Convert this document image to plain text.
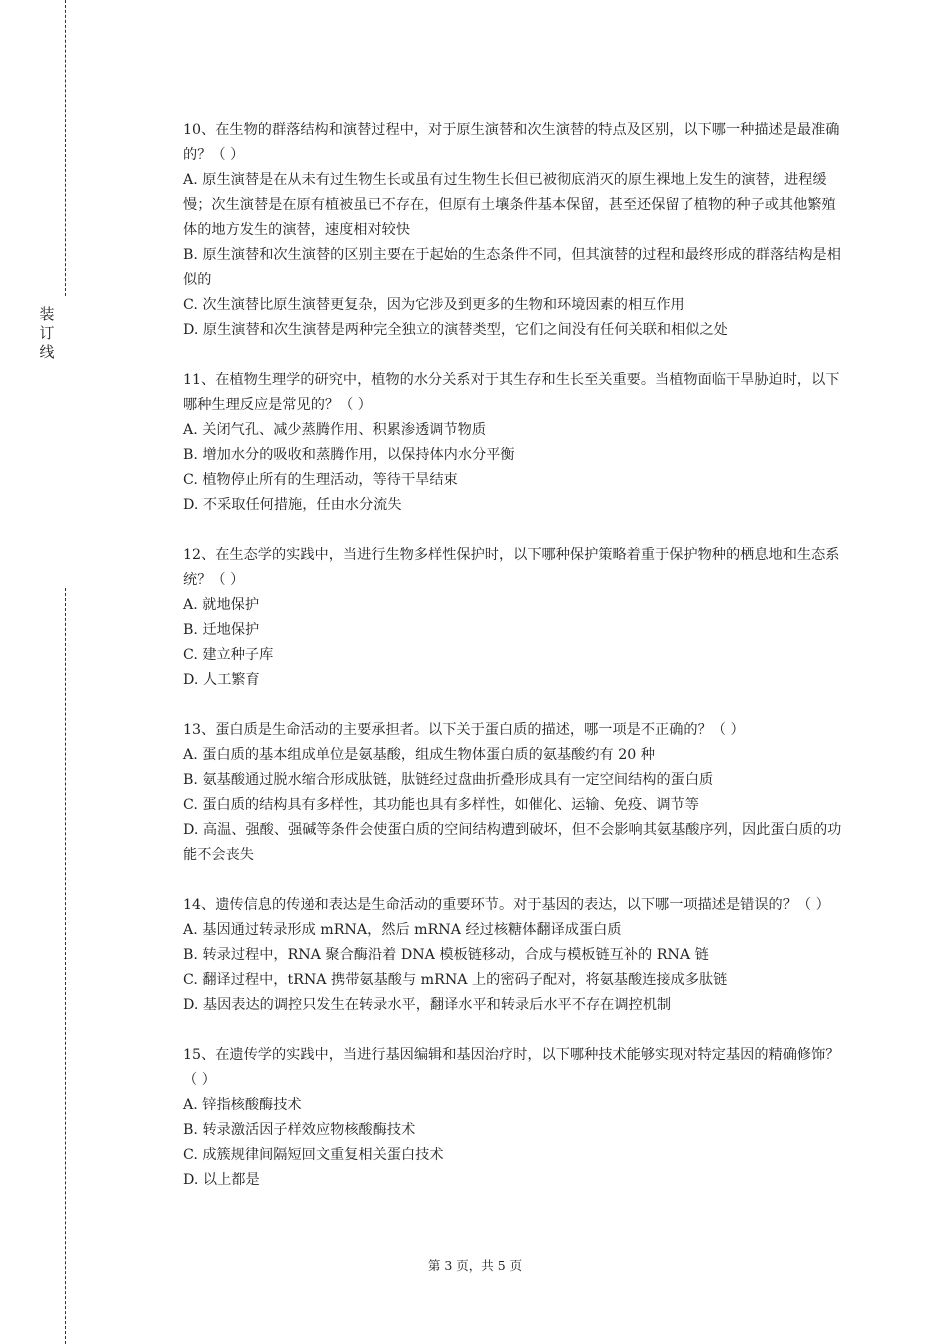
装
订
线

10、在生物的群落结构和演替过程中，对于原生演替和次生演替的特点及区别，以下哪一种描述是最准确的？（ ）

A. 原生演替是在从未有过生物生长或虽有过生物生长但已被彻底消灭的原生裸地上发生的演替，进程缓慢；次生演替是在原有植被虽已不存在，但原有土壤条件基本保留，甚至还保留了植物的种子或其他繁殖体的地方发生的演替，速度相对较快

B. 原生演替和次生演替的区别主要在于起始的生态条件不同，但其演替的过程和最终形成的群落结构是相似的

C. 次生演替比原生演替更复杂，因为它涉及到更多的生物和环境因素的相互作用

D. 原生演替和次生演替是两种完全独立的演替类型，它们之间没有任何关联和相似之处

11、在植物生理学的研究中，植物的水分关系对于其生存和生长至关重要。当植物面临干旱胁迫时，以下哪种生理反应是常见的？（ ）

A. 关闭气孔、减少蒸腾作用、积累渗透调节物质

B. 增加水分的吸收和蒸腾作用，以保持体内水分平衡

C. 植物停止所有的生理活动，等待干旱结束

D. 不采取任何措施，任由水分流失

12、在生态学的实践中，当进行生物多样性保护时，以下哪种保护策略着重于保护物种的栖息地和生态系统？（ ）

A. 就地保护

B. 迁地保护

C. 建立种子库

D. 人工繁育

13、蛋白质是生命活动的主要承担者。以下关于蛋白质的描述，哪一项是不正确的？（ ）

A. 蛋白质的基本组成单位是氨基酸，组成生物体蛋白质的氨基酸约有 20 种

B. 氨基酸通过脱水缩合形成肽链，肽链经过盘曲折叠形成具有一定空间结构的蛋白质

C. 蛋白质的结构具有多样性，其功能也具有多样性，如催化、运输、免疫、调节等

D. 高温、强酸、强碱等条件会使蛋白质的空间结构遭到破坏，但不会影响其氨基酸序列，因此蛋白质的功能不会丧失

14、遗传信息的传递和表达是生命活动的重要环节。对于基因的表达，以下哪一项描述是错误的？（ ）

A. 基因通过转录形成 mRNA，然后 mRNA 经过核糖体翻译成蛋白质

B. 转录过程中，RNA 聚合酶沿着 DNA 模板链移动，合成与模板链互补的 RNA 链

C. 翻译过程中，tRNA 携带氨基酸与 mRNA 上的密码子配对，将氨基酸连接成多肽链

D. 基因表达的调控只发生在转录水平，翻译水平和转录后水平不存在调控机制

15、在遗传学的实践中，当进行基因编辑和基因治疗时，以下哪种技术能够实现对特定基因的精确修饰？（ ）

A. 锌指核酸酶技术

B. 转录激活因子样效应物核酸酶技术

C. 成簇规律间隔短回文重复相关蛋白技术

D. 以上都是

第 3 页，共 5 页
